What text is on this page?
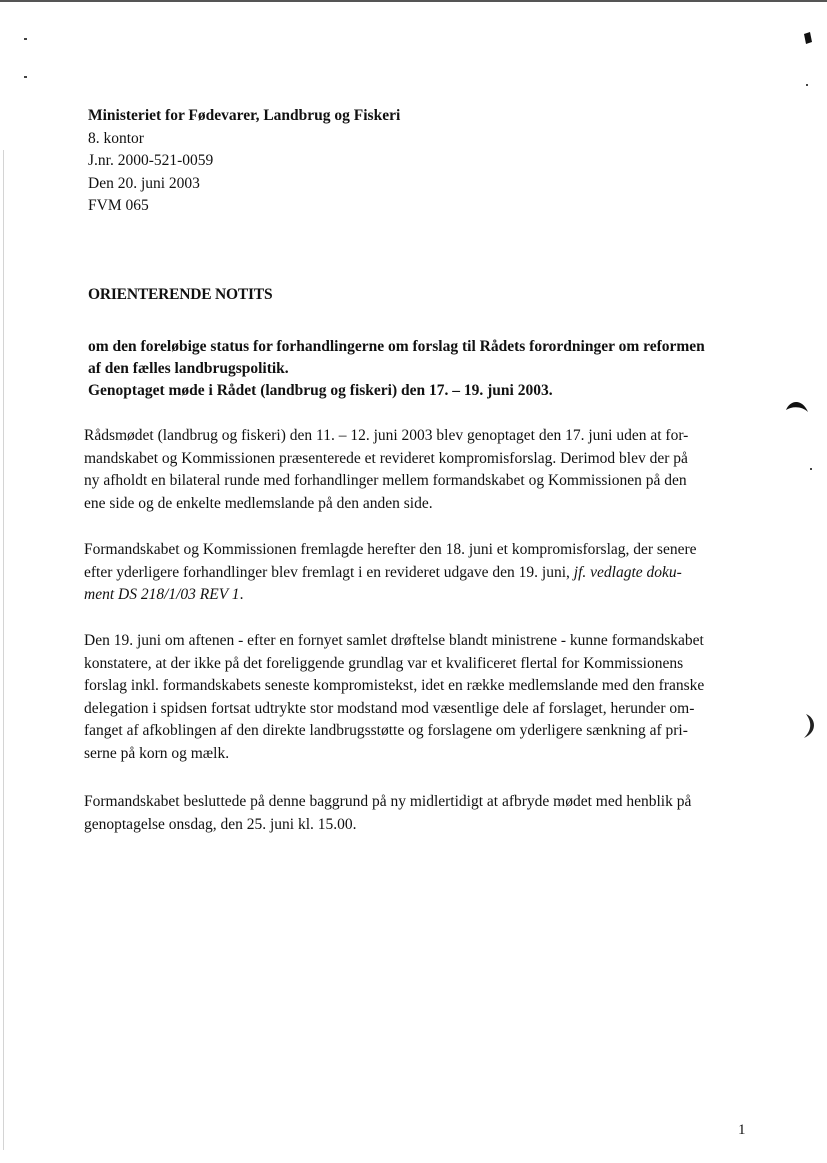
Ministeriet for Fødevarer, Landbrug og Fiskeri
8. kontor
J.nr. 2000-521-0059
Den 20. juni 2003
FVM 065
ORIENTERENDE NOTITS
om den foreløbige status for forhandlingerne om forslag til Rådets forordninger om reformen
af den fælles landbrugspolitik.
Genoptaget møde i Rådet (landbrug og fiskeri) den 17. – 19. juni 2003.
Rådsmødet (landbrug og fiskeri) den 11. – 12. juni 2003 blev genoptaget den 17. juni uden at for-
mandskabet og Kommissionen præsenterede et revideret kompromisforslag. Derimod blev der på
ny afholdt en bilateral runde med forhandlinger mellem formandskabet og Kommissionen på den
ene side og de enkelte medlemslande på den anden side.
Formandskabet og Kommissionen fremlagde herefter den 18. juni et kompromisforslag, der senere
efter yderligere forhandlinger blev fremlagt i en revideret udgave den 19. juni, jf. vedlagte doku-
ment DS 218/1/03 REV 1.
Den 19. juni om aftenen - efter en fornyet samlet drøftelse blandt ministrene - kunne formandskabet
konstatere, at der ikke på det foreliggende grundlag var et kvalificeret flertal for Kommissionens
forslag inkl. formandskabets seneste kompromistekst, idet en række medlemslande med den franske
delegation i spidsen fortsat udtrykte stor modstand mod væsentlige dele af forslaget, herunder om-
fanget af afkoblingen af den direkte landbrugsstøtte og forslagene om yderligere sænkning af pri-
serne på korn og mælk.
Formandskabet besluttede på denne baggrund på ny midlertidigt at afbryde mødet med henblik på
genoptagelse onsdag, den 25. juni kl. 15.00.
1
